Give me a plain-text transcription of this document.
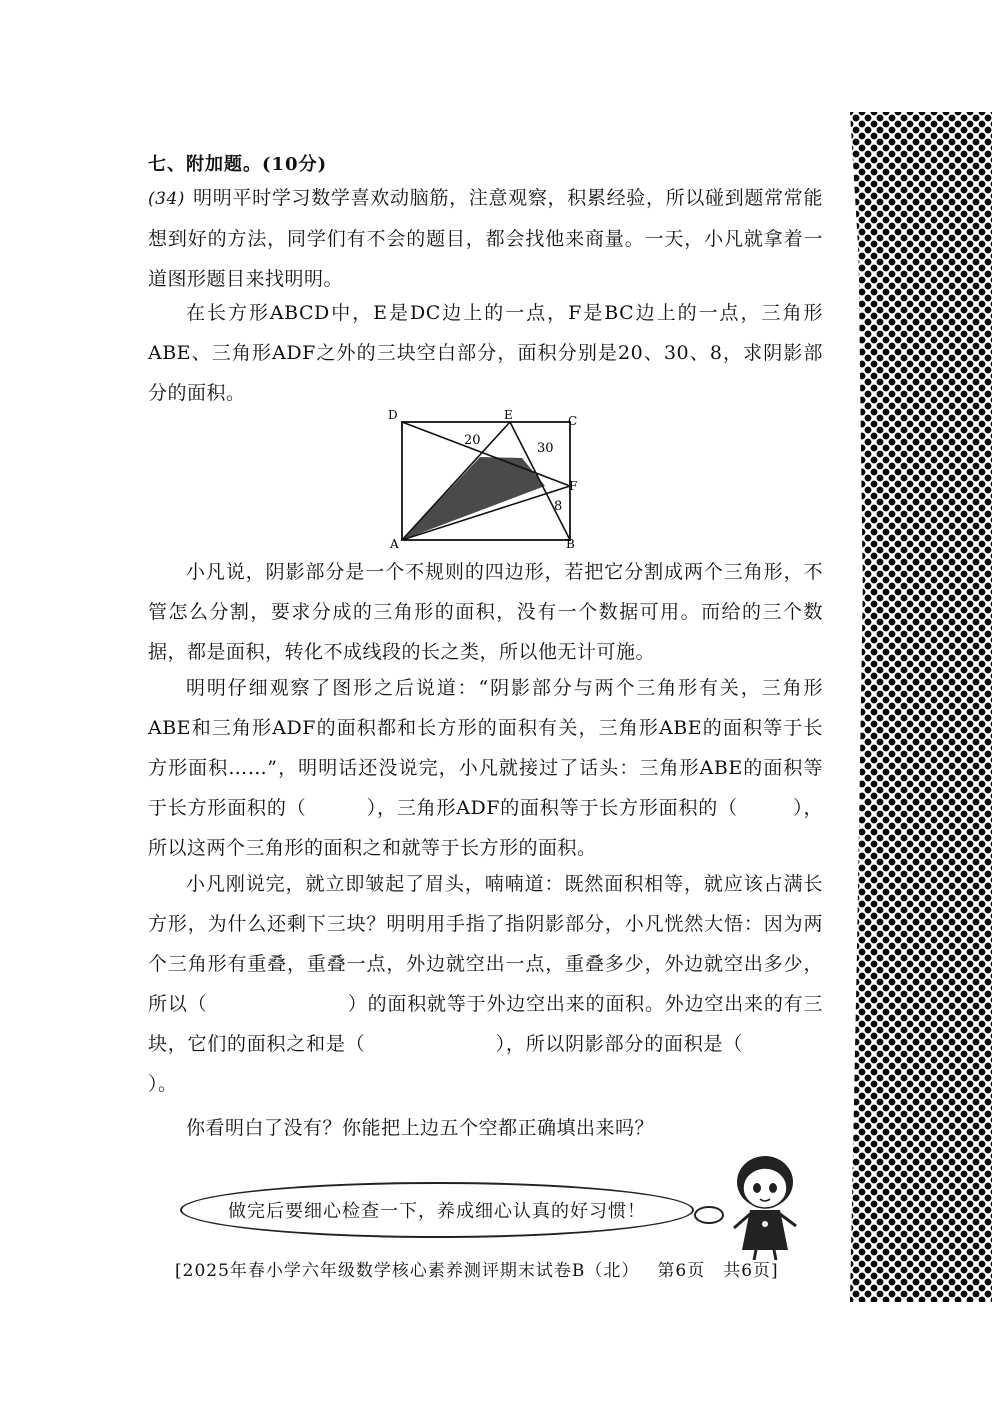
七、附加题。(10分)
(34) 明明平时学习数学喜欢动脑筋，注意观察，积累经验，所以碰到题常常能想到好的方法，同学们有不会的题目，都会找他来商量。一天，小凡就拿着一道图形题目来找明明。
在长方形ABCD中，E是DC边上的一点，F是BC边上的一点，三角形ABE、三角形ADF之外的三块空白部分，面积分别是20、30、8，求阴影部分的面积。
D	E	C
F
A	B
20
30
8
小凡说，阴影部分是一个不规则的四边形，若把它分割成两个三角形，不管怎么分割，要求分成的三角形的面积，没有一个数据可用。而给的三个数据，都是面积，转化不成线段的长之类，所以他无计可施。
明明仔细观察了图形之后说道：“阴影部分与两个三角形有关，三角形ABE和三角形ADF的面积都和长方形的面积有关，三角形ABE的面积等于长方形面积……”，明明话还没说完，小凡就接过了话头：三角形ABE的面积等于长方形面积的（	），三角形ADF的面积等于长方形面积的（	），所以这两个三角形的面积之和就等于长方形的面积。
小凡刚说完，就立即皱起了眉头，喃喃道：既然面积相等，就应该占满长方形，为什么还剩下三块？明明用手指了指阴影部分，小凡恍然大悟：因为两个三角形有重叠，重叠一点，外边就空出一点，重叠多少，外边就空出多少，所以（	）的面积就等于外边空出来的面积。外边空出来的有三块，它们的面积之和是（	），所以阴影部分的面积是（）。
你看明白了没有？你能把上边五个空都正确填出来吗？
做完后要细心检查一下，养成细心认真的好习惯！
[2025年春小学六年级数学核心素养测评期末试卷B（北） 第6页 共6页]
